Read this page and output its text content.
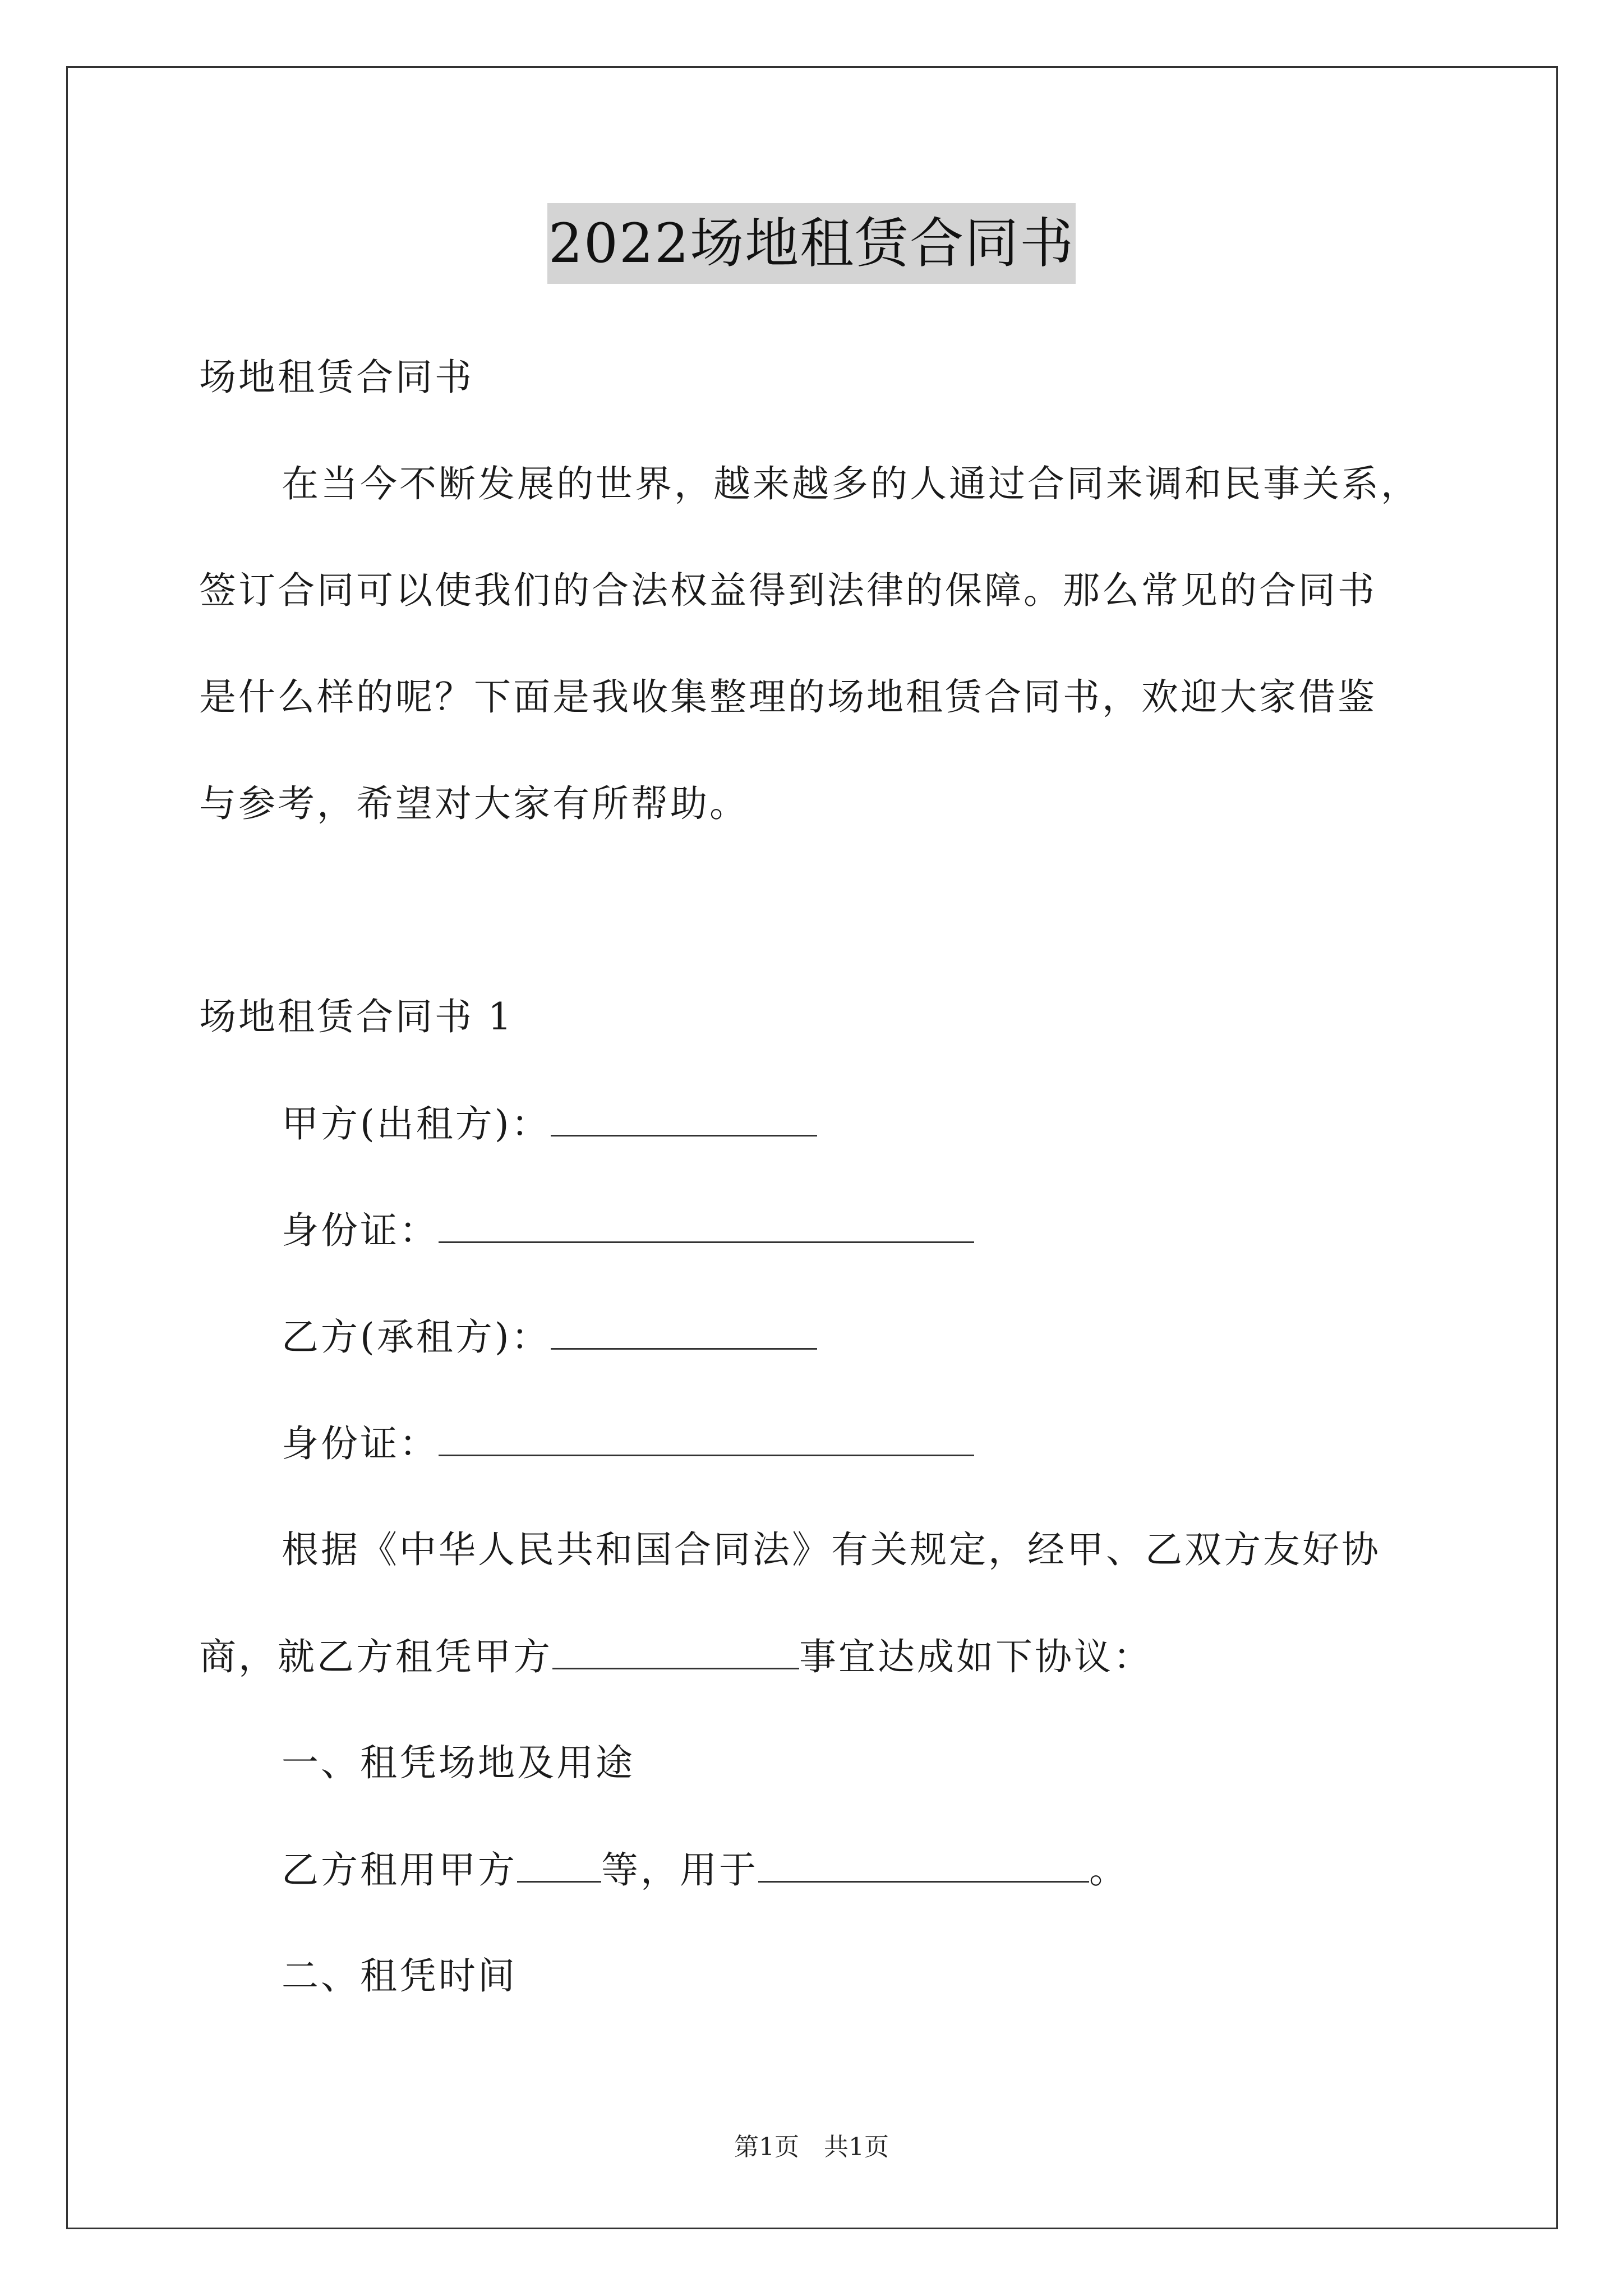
2022场地租赁合同书
场地租赁合同书
在当今不断发展的世界，越来越多的人通过合同来调和民事关系，
签订合同可以使我们的合法权益得到法律的保障。那么常见的合同书
是什么样的呢？下面是我收集整理的场地租赁合同书，欢迎大家借鉴
与参考，希望对大家有所帮助。
场地租赁合同书 1
甲方(出租方)：
身份证：
乙方(承租方)：
身份证：
根据《中华人民共和国合同法》有关规定，经甲、乙双方友好协
商，就乙方租凭甲方	事宜达成如下协议：
一、租凭场地及用途
乙方租用甲方 等，用于	。
二、租凭时间
第1页　共1页
